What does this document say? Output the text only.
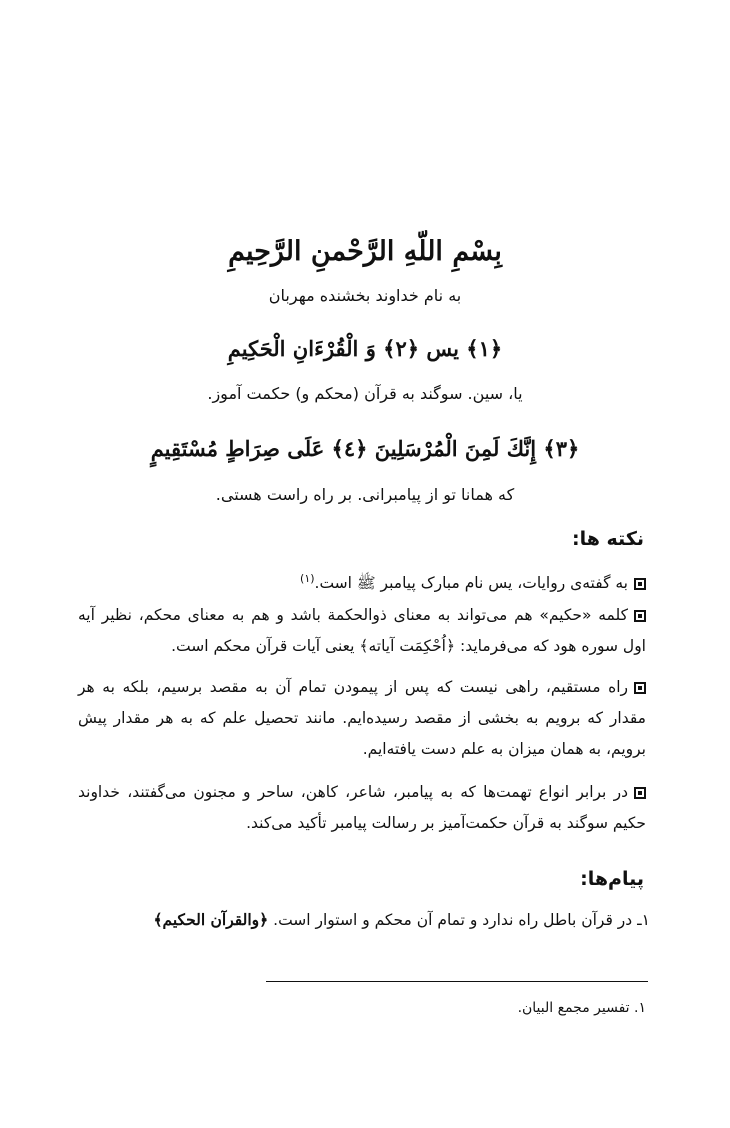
بِسْمِ اللّهِ الرَّحْمنِ الرَّحِيمِ
به نام خداوند بخشنده مهربان
﴿١﴾ يس ﴿٢﴾ وَ الْقُرْءَانِ الْحَكِيمِ
یا، سین. سوگند به قرآن (محکم و) حکمت آموز.
﴿٣﴾ إِنَّكَ لَمِنَ الْمُرْسَلِينَ ﴿٤﴾ عَلَى صِرَاطٍ مُسْتَقِيمٍ
كه همانا تو از پیامبرانی. بر راه راست هستی.
نکته ها:
به گفته‌ی روایات، یس نام مبارک پیامبر ﷺ است.$^{(١)}$
كلمه «حکیم» هم می‌تواند به معنای ذوالحکمة باشد و هم به معنای محکم، نظیر آیه اول سوره هود كه می‌فرماید: ﴿اُحْكِمَت آياته﴾ یعنی آیات قرآن محکم است.
راه مستقیم، راهی نیست كه پس از پیمودن تمام آن به مقصد برسیم، بلكه به هر مقدار كه برويم به بخشی از مقصد رسیده‌ایم. مانند تحصیل علم كه به هر مقدار پیش برویم، به همان میزان به علم دست یافته‌ایم.
در برابر انواع تهمت‌ها كه به پیامبر، شاعر، كاهن، ساحر و مجنون می‌گفتند، خداوند حکیم سوگند به قرآن حکمت‌آمیز بر رسالت پیامبر تأكيد می‌كند.
پیام‌ها:
۱ـ در قرآن باطل راه ندارد و تمام آن محکم و استوار است. ﴿والقرآن الحكيم﴾
۱. تفسیر مجمع البیان.
